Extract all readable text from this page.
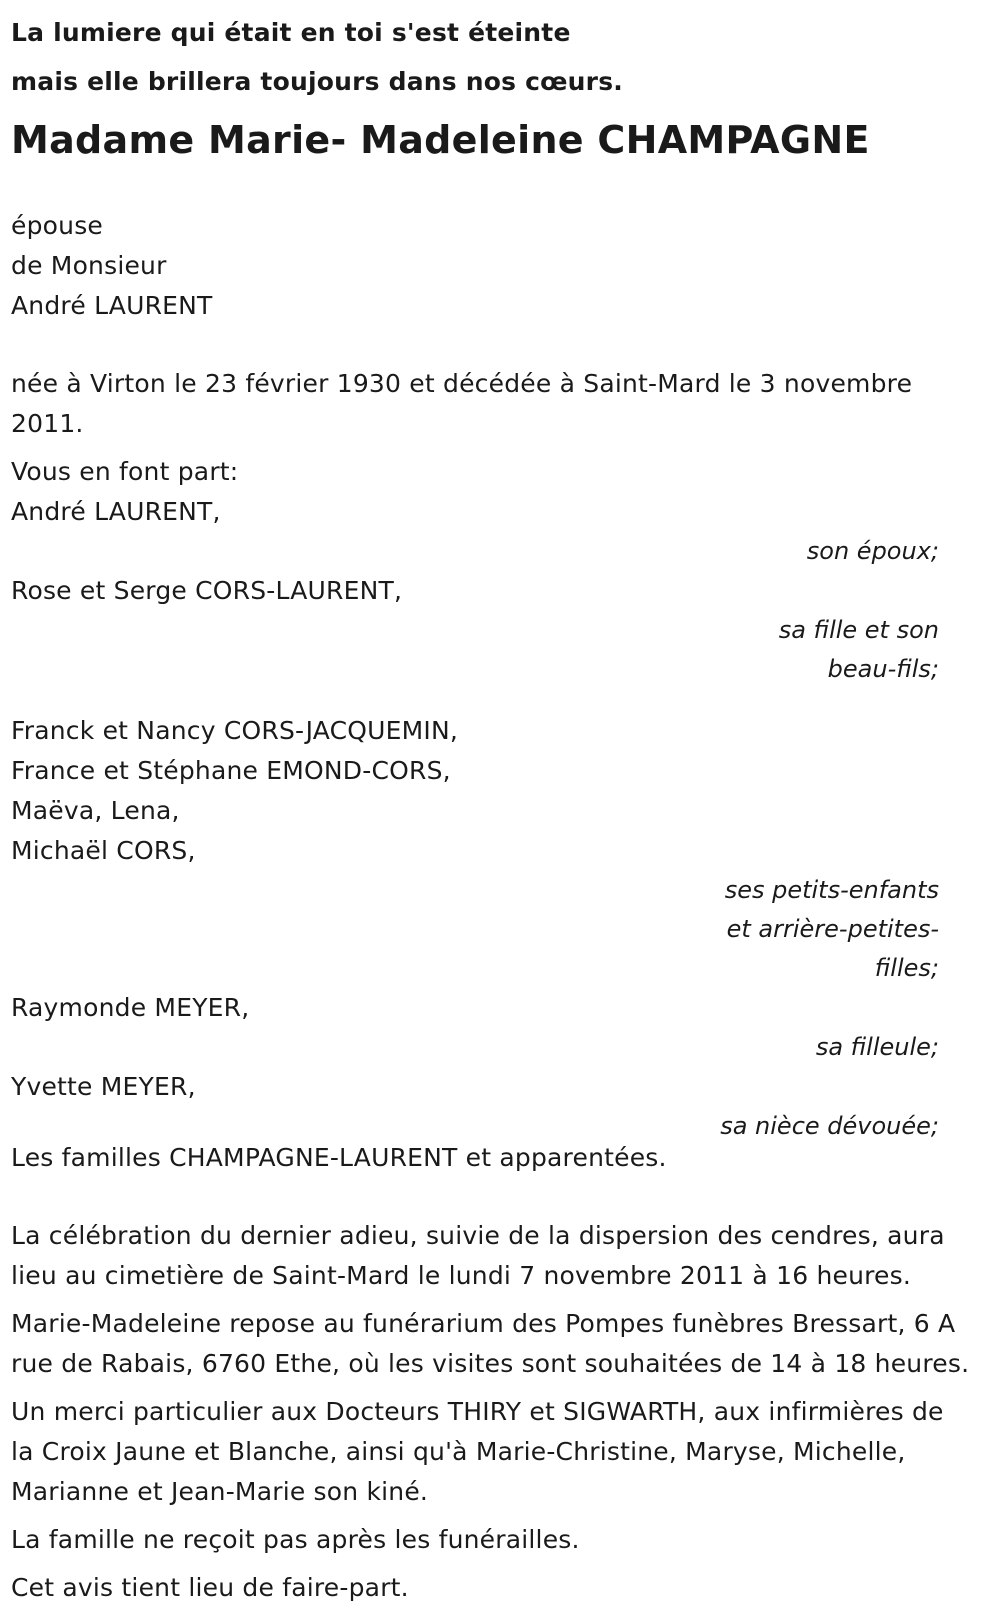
La lumiere qui était en toi s'est éteinte
mais elle brillera toujours dans nos cœurs.
Madame Marie- Madeleine CHAMPAGNE
épouse
de Monsieur
André LAURENT
née à Virton le 23 février 1930 et décédée à Saint-Mard le 3 novembre 2011.
Vous en font part:
André LAURENT,
son époux;
Rose et Serge CORS-LAURENT,
sa fille et son
beau-fils;
Franck et Nancy CORS-JACQUEMIN,
France et Stéphane EMOND-CORS,
Maëva, Lena,
Michaël CORS,
ses petits-enfants
et arrière-petites-
filles;
Raymonde MEYER,
sa filleule;
Yvette MEYER,
sa nièce dévouée;
Les familles CHAMPAGNE-LAURENT et apparentées.
La célébration du dernier adieu, suivie de la dispersion des cendres, aura lieu au cimetière de Saint-Mard le lundi 7 novembre 2011 à 16 heures.
Marie-Madeleine repose au funérarium des Pompes funèbres Bressart, 6 A rue de Rabais, 6760 Ethe, où les visites sont souhaitées de 14 à 18 heures.
Un merci particulier aux Docteurs THIRY et SIGWARTH, aux infirmières de la Croix Jaune et Blanche, ainsi qu'à Marie-Christine, Maryse, Michelle, Marianne et Jean-Marie son kiné.
La famille ne reçoit pas après les funérailles.
Cet avis tient lieu de faire-part.
